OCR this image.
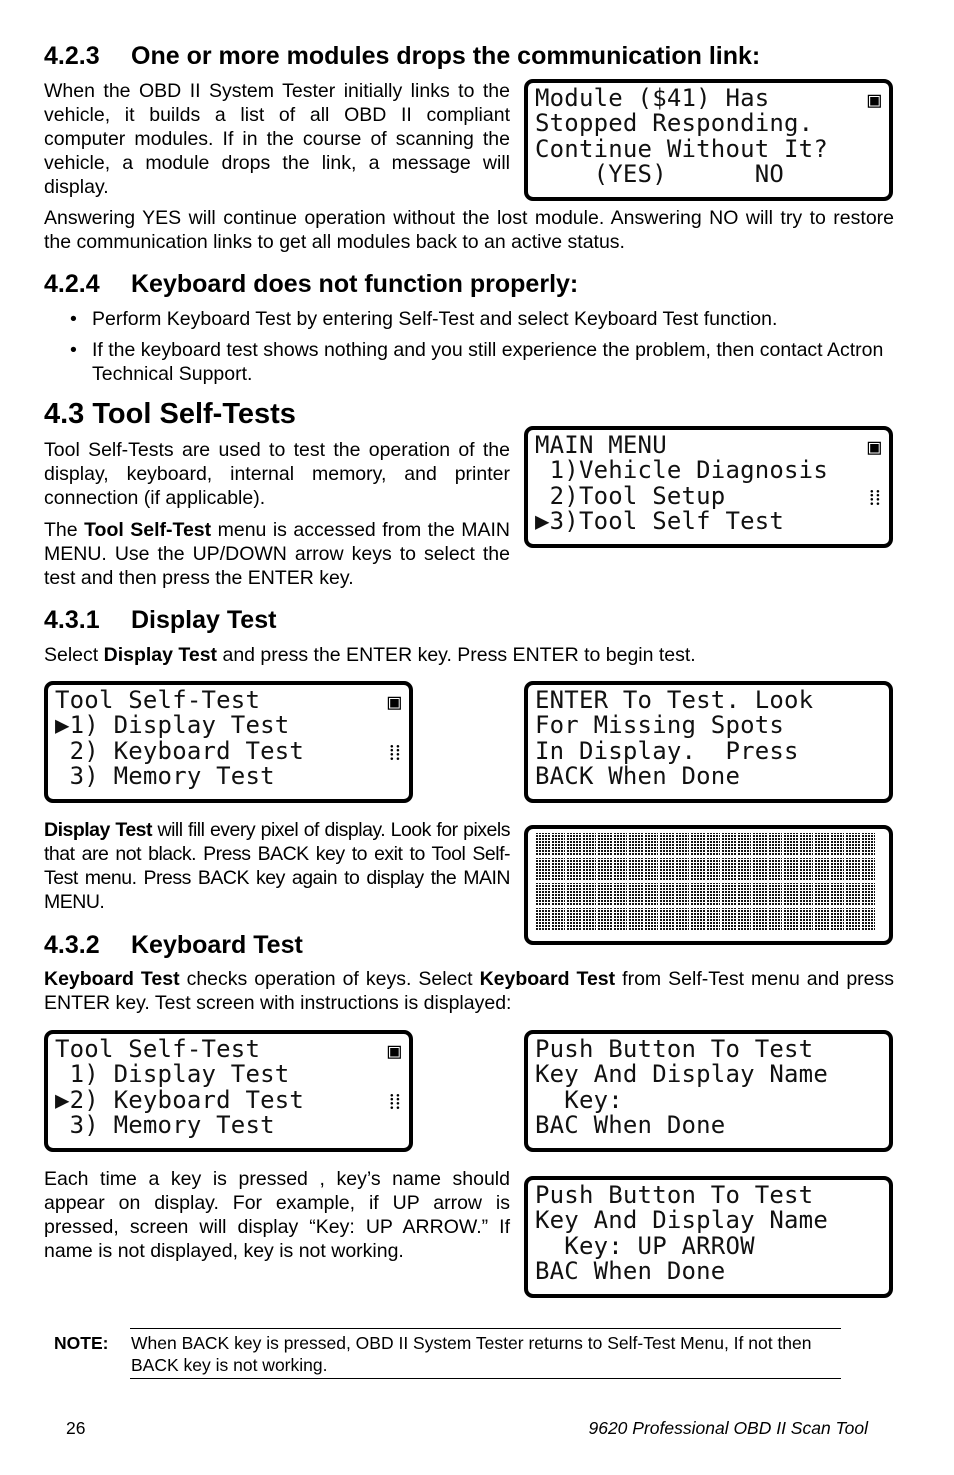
4.2.3 One or more modules drops the communication link:

When the OBD II System Tester initially links to the vehicle, it builds a list of all OBD II compliant computer modules. If in the course of scanning the vehicle, a module drops the link, a message will display.

▣
Module ($41) Has
Stopped Responding.
Continue Without It?
(YES)      NO

Answering YES will continue operation without the lost module. Answering NO will try to restore the communication links to get all modules back to an active status.

4.2.4 Keyboard does not function properly:
• Perform Keyboard Test by entering Self-Test and select Keyboard Test function.
• If the keyboard test shows nothing and you still experience the problem, then contact Actron Technical Support.
4.3 Tool Self-Tests

Tool Self-Tests are used to test the operation of the display, keyboard, internal memory, and printer connection (if applicable).

The Tool Self-Test menu is accessed from the MAIN MENU. Use the UP/DOWN arrow keys to select the test and then press the ENTER key.

▣
⁞⁞
MAIN MENU
1)Vehicle Diagnosis
2)Tool Setup
▶3)Tool Self Test
4.3.1 Display Test

Select Display Test and press the ENTER key. Press ENTER to begin test.

▣
⁞⁞
Tool Self-Test
▶1) Display Test
2) Keyboard Test
3) Memory Test
ENTER To Test. Look
For Missing Spots
In Display.  Press
BACK When Done

Display Test will fill every pixel of display. Look for pixels that are not black. Press BACK key to exit to Tool Self-Test menu. Press BACK key again to display the MAIN MENU.

4.3.2 Keyboard Test

Keyboard Test checks operation of keys. Select Keyboard Test from Self-Test menu and press ENTER key. Test screen with instructions is displayed:

▣
⁞⁞
Tool Self-Test
1) Display Test
▶2) Keyboard Test
3) Memory Test
Push Button To Test
Key And Display Name
Key:
BAC When Done

Each time a key is pressed , key’s name should appear on display. For example, if UP arrow is pressed, screen will display “Key: UP ARROW.” If name is not displayed, key is not working.

Push Button To Test
Key And Display Name
Key: UP ARROW
BAC When Done
NOTE: When BACK key is pressed, OBD II System Tester returns to Self-Test Menu, If not then BACK key is not working.
26	9620 Professional OBD II Scan Tool
